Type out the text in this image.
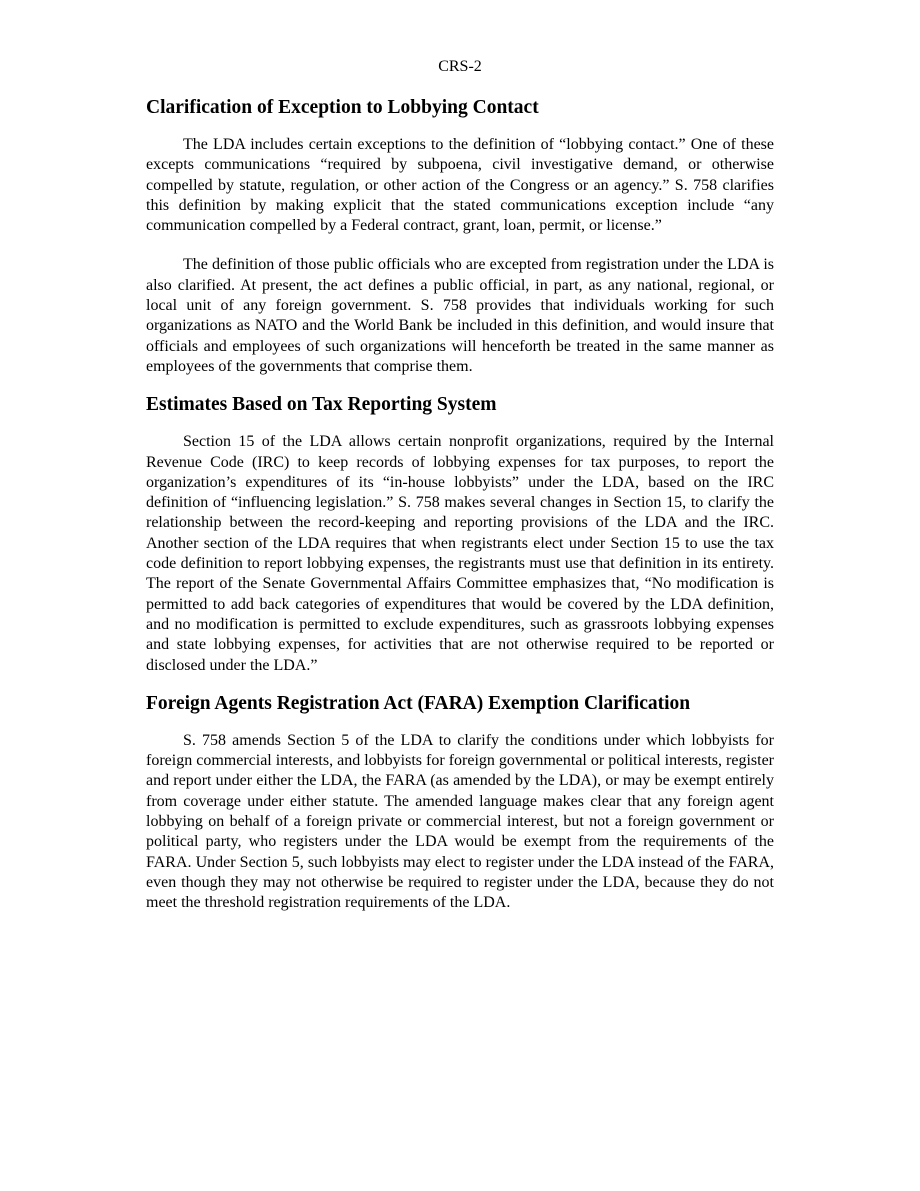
CRS-2
Clarification of Exception to Lobbying Contact

The LDA includes certain exceptions to the definition of “lobbying contact.” One of these excepts communications “required by subpoena, civil investigative demand, or otherwise compelled by statute, regulation, or other action of the Congress or an agency.” S. 758 clarifies this definition by making explicit that the stated communications exception include “any communication compelled by a Federal contract, grant, loan, permit, or license.”

The definition of those public officials who are excepted from registration under the LDA is also clarified. At present, the act defines a public official, in part, as any national, regional, or local unit of any foreign government. S. 758 provides that individuals working for such organizations as NATO and the World Bank be included in this definition, and would insure that officials and employees of such organizations will henceforth be treated in the same manner as employees of the governments that comprise them.

Estimates Based on Tax Reporting System

Section 15 of the LDA allows certain nonprofit organizations, required by the Internal Revenue Code (IRC) to keep records of lobbying expenses for tax purposes, to report the organization’s expenditures of its “in-house lobbyists” under the LDA, based on the IRC definition of “influencing legislation.” S. 758 makes several changes in Section 15, to clarify the relationship between the record-keeping and reporting provisions of the LDA and the IRC. Another section of the LDA requires that when registrants elect under Section 15 to use the tax code definition to report lobbying expenses, the registrants must use that definition in its entirety. The report of the Senate Governmental Affairs Committee emphasizes that, “No modification is permitted to add back categories of expenditures that would be covered by the LDA definition, and no modification is permitted to exclude expenditures, such as grassroots lobbying expenses and state lobbying expenses, for activities that are not otherwise required to be reported or disclosed under the LDA.”

Foreign Agents Registration Act (FARA) Exemption Clarification

S. 758 amends Section 5 of the LDA to clarify the conditions under which lobbyists for foreign commercial interests, and lobbyists for foreign governmental or political interests, register and report under either the LDA, the FARA (as amended by the LDA), or may be exempt entirely from coverage under either statute. The amended language makes clear that any foreign agent lobbying on behalf of a foreign private or commercial interest, but not a foreign government or political party, who registers under the LDA would be exempt from the requirements of the FARA. Under Section 5, such lobbyists may elect to register under the LDA instead of the FARA, even though they may not otherwise be required to register under the LDA, because they do not meet the threshold registration requirements of the LDA.
